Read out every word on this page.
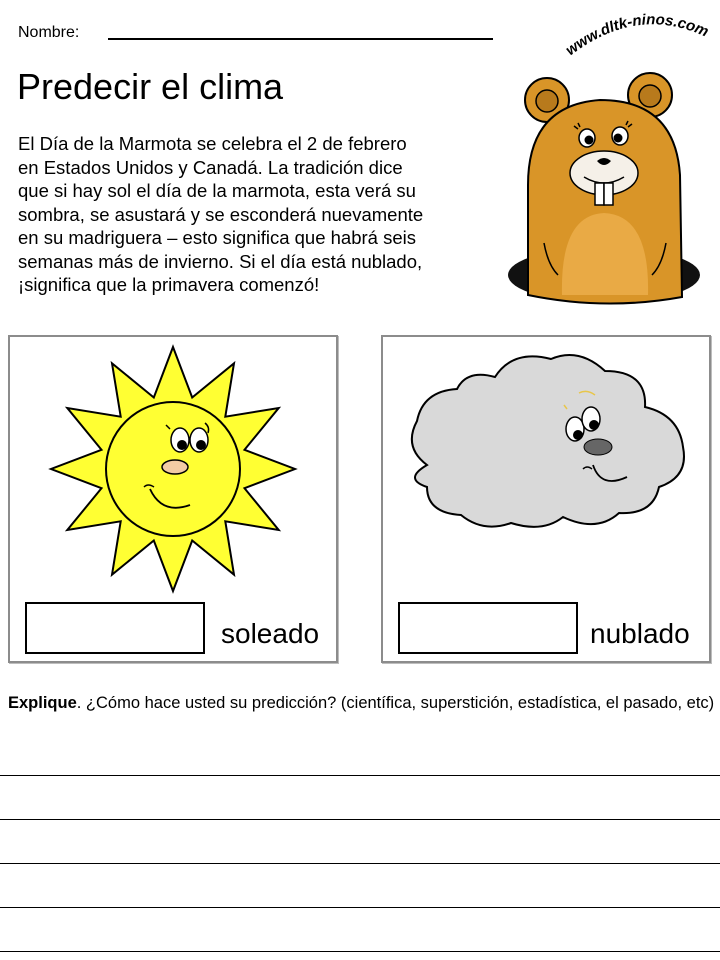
Nombre:
www.dltk-ninos.com
Predecir el clima

El Día de la Marmota se celebra el 2 de febrero
en Estados Unidos y Canadá. La tradición dice
que si hay sol el día de la marmota, esta verá su
sombra, se asustará y se esconderá nuevamente
en su madriguera – esto significa que habrá seis
semanas más de invierno. Si el día está nublado,
¡significa que la primavera comenzó!

soleado	nublado

Explique. ¿Cómo hace usted su predicción? (científica, superstición, estadística, el pasado, etc)
